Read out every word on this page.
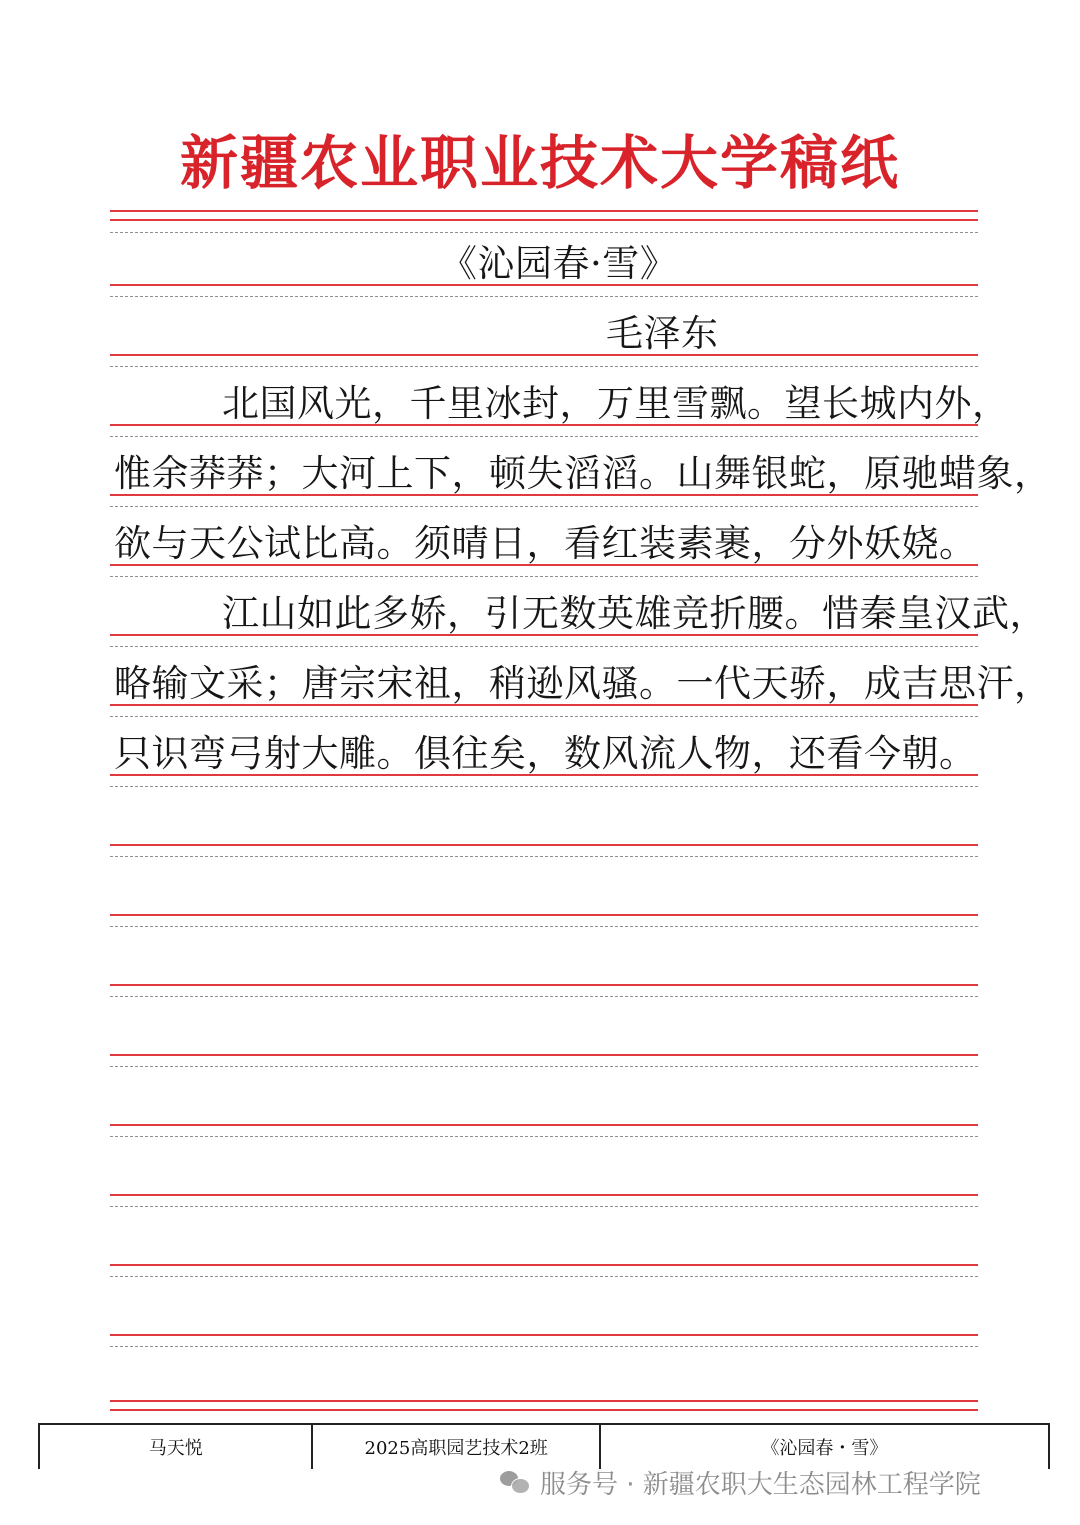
新疆农业职业技术大学稿纸
《沁园春·雪》
毛泽东
北国风光，千里冰封，万里雪飘。望长城内外，
惟余莽莽；大河上下，顿失滔滔。山舞银蛇，原驰蜡象，
欲与天公试比高。须晴日，看红装素裹，分外妖娆。
江山如此多娇，引无数英雄竞折腰。惜秦皇汉武，
略输文采；唐宗宋祖，稍逊风骚。一代天骄，成吉思汗，
只识弯弓射大雕。俱往矣，数风流人物，还看今朝。
马天悦	2025高职园艺技术2班	《沁园春・雪》
服务号 · 新疆农职大生态园林工程学院
